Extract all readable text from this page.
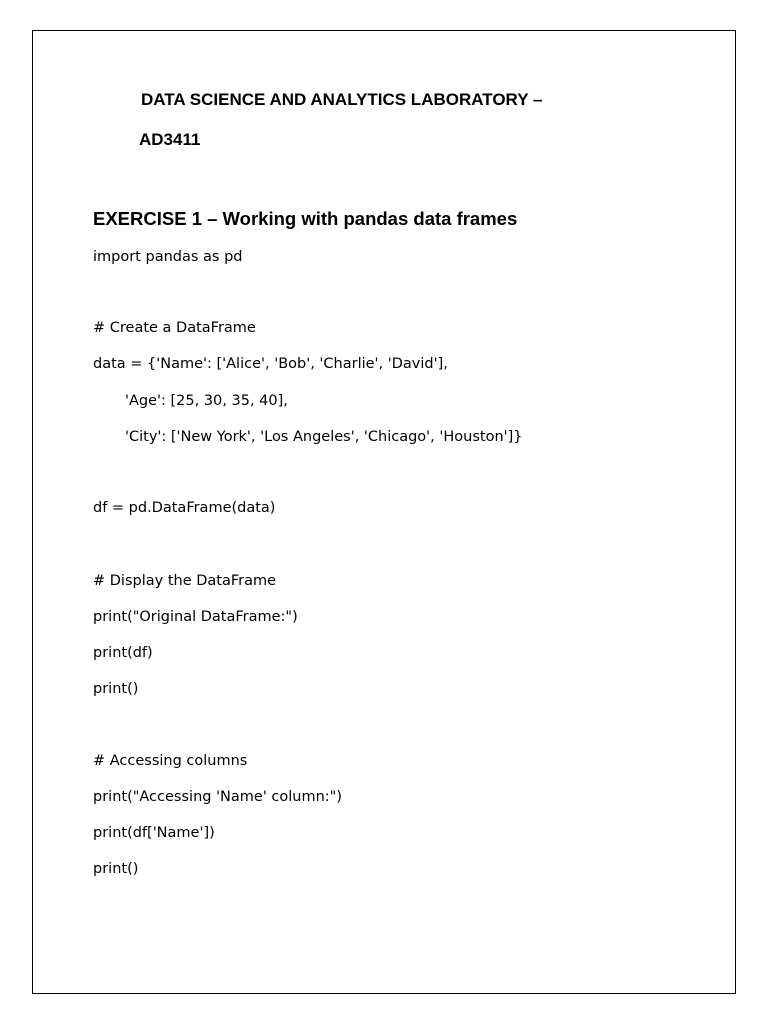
DATA SCIENCE AND ANALYTICS LABORATORY –
AD3411
EXERCISE 1 – Working with pandas data frames
import pandas as pd
# Create a DataFrame
data = {'Name': ['Alice', 'Bob', 'Charlie', 'David'],
'Age': [25, 30, 35, 40],
'City': ['New York', 'Los Angeles', 'Chicago', 'Houston']}
df = pd.DataFrame(data)
# Display the DataFrame
print("Original DataFrame:")
print(df)
print()
# Accessing columns
print("Accessing 'Name' column:")
print(df['Name'])
print()
